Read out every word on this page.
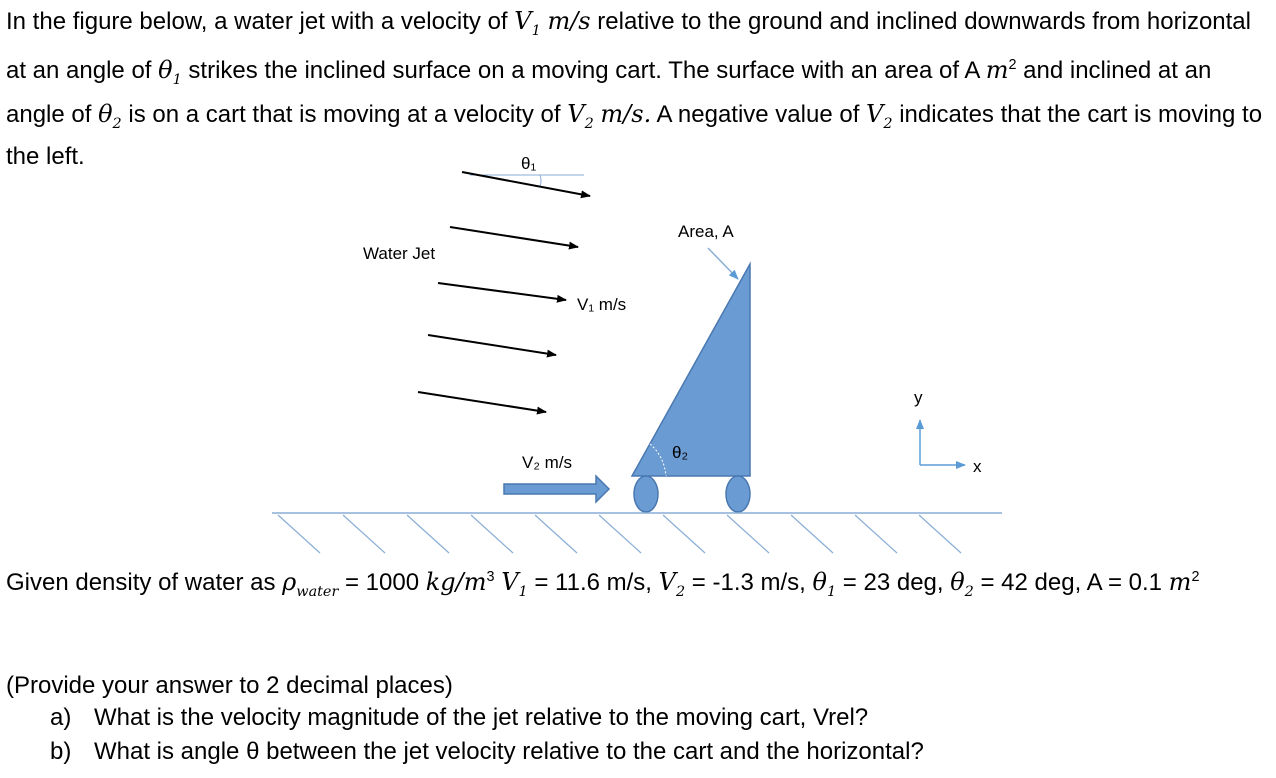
In the figure below, a water jet with a velocity of $V_1$ m/s relative to the ground and inclined downwards from horizontal at an angle of $\theta_1$ strikes the inclined surface on a moving cart. The surface with an area of A $m^2$ and inclined at an angle of $\theta_2$ is on a cart that is moving at a velocity of $V_2$ m/s. A negative value of $V_2$ indicates that the cart is moving to the left.	θ₁
Water Jet
V₁ m/s
Area, A
θ₂
V₂ m/s
y
x

Given density of water as $\rho_{water} = 1000$ $kg/m^3$ $V_1 = 11.6$ m/s, $V_2 = -1.3$ m/s, $\theta_1 = 23$ deg, $\theta_2 = 42$ deg, A = 0.1 $m^2$

(Provide your answer to 2 decimal places)

a) What is the velocity magnitude of the jet relative to the moving cart, Vrel?

b) What is angle θ between the jet velocity relative to the cart and the horizontal?
